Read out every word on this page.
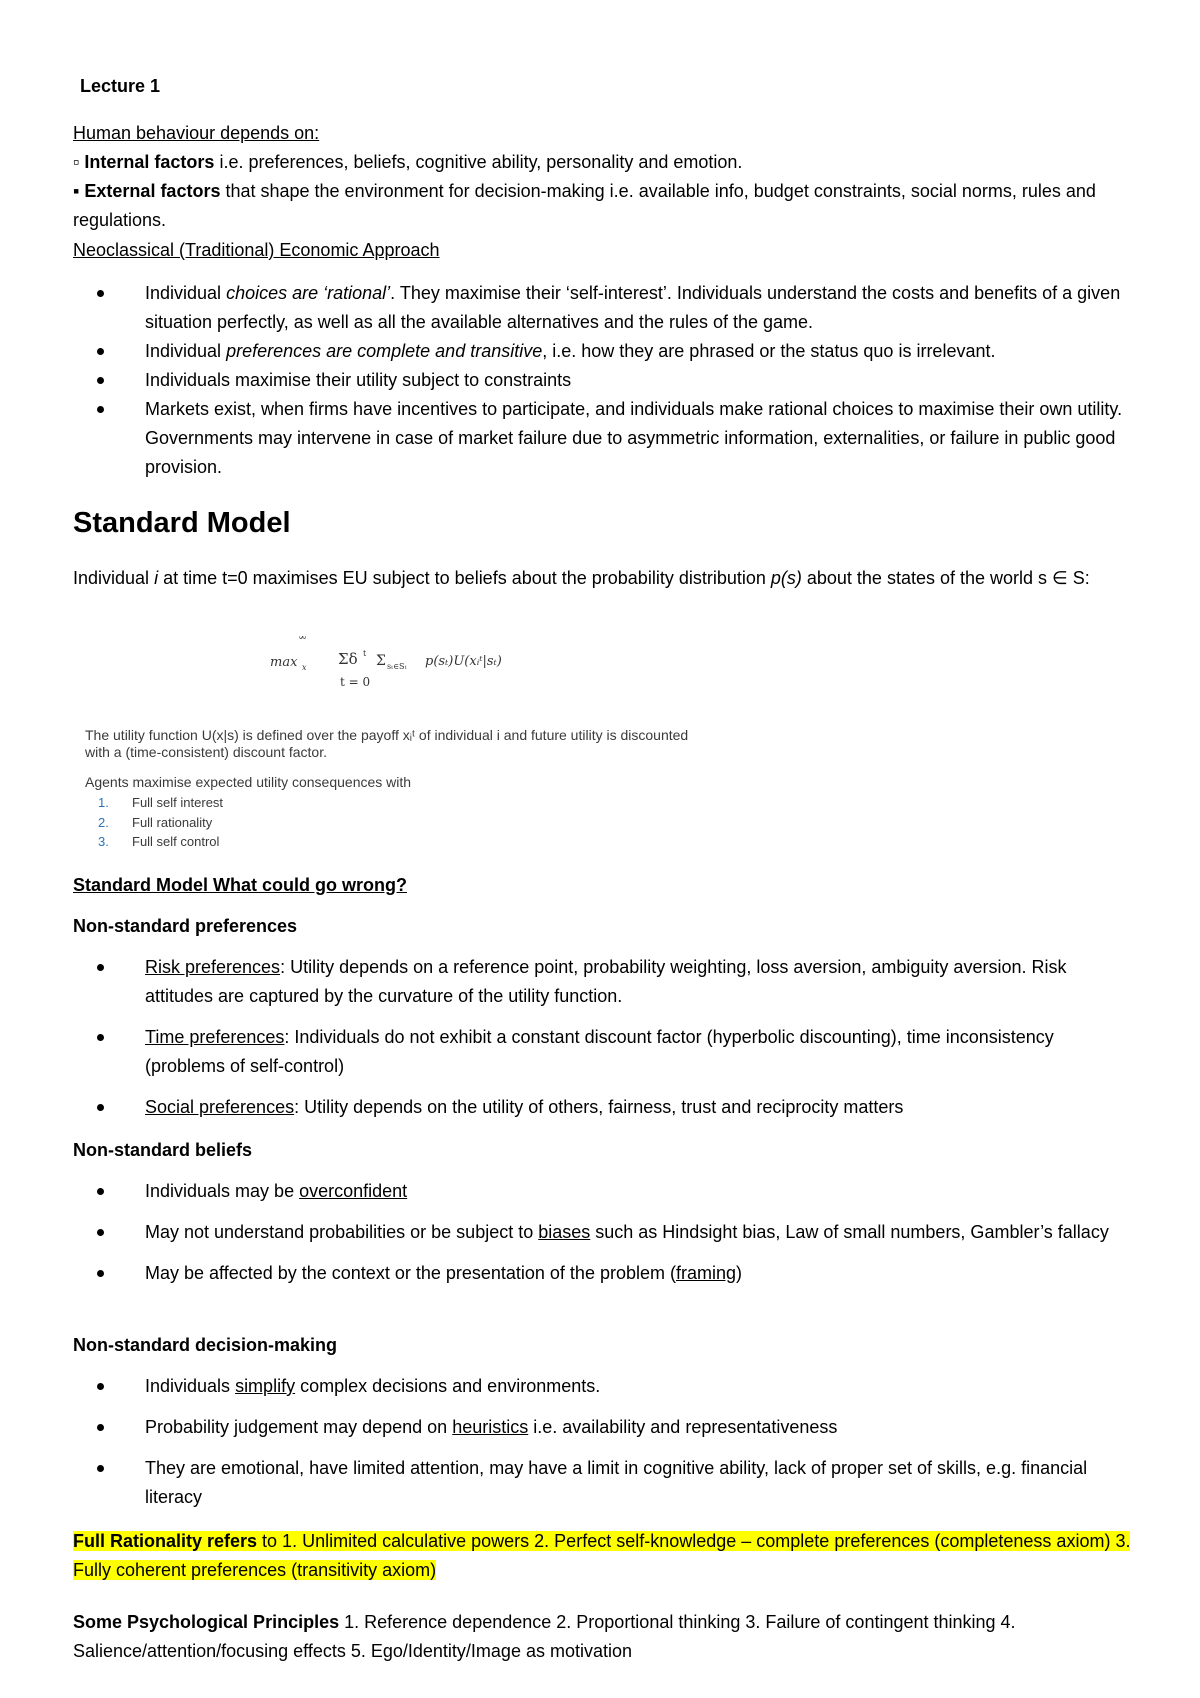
Lecture 1
Human behaviour depends on:
▫ Internal factors i.e. preferences, beliefs, cognitive ability, personality and emotion.
▪ External factors that shape the environment for decision-making i.e. available info, budget constraints, social norms, rules and regulations.
Neoclassical (Traditional) Economic Approach
Individual choices are ‘rational’. They maximise their ‘self-interest’. Individuals understand the costs and benefits of a given situation perfectly, as well as all the available alternatives and the rules of the game.
Individual preferences are complete and transitive, i.e. how they are phrased or the status quo is irrelevant.
Individuals maximise their utility subject to constraints
Markets exist, when firms have incentives to participate, and individuals make rational choices to maximise their own utility. Governments may intervene in case of market failure due to asymmetric information, externalities, or failure in public good provision.
Standard Model
Individual i at time t=0 maximises EU subject to beliefs about the probability distribution p(s) about the states of the world s ∈ S:
∞
max x Σδ t Σ sₜ∈Sₜ p(sₜ)U(xᵢᵗ|sₜ)
t = 0
The utility function U(x|s) is defined over the payoff xᵢᵗ of individual i and future utility is discounted
with a (time-consistent) discount factor.
Agents maximise expected utility consequences with
1. Full self interest
2. Full rationality
3. Full self control
Standard Model What could go wrong?
Non-standard preferences
Risk preferences: Utility depends on a reference point, probability weighting, loss aversion, ambiguity aversion. Risk attitudes are captured by the curvature of the utility function.
Time preferences: Individuals do not exhibit a constant discount factor (hyperbolic discounting), time inconsistency (problems of self-control)
Social preferences: Utility depends on the utility of others, fairness, trust and reciprocity matters
Non-standard beliefs
Individuals may be overconfident
May not understand probabilities or be subject to biases such as Hindsight bias, Law of small numbers, Gambler’s fallacy
May be affected by the context or the presentation of the problem (framing)
Non-standard decision-making
Individuals simplify complex decisions and environments.
Probability judgement may depend on heuristics i.e. availability and representativeness
They are emotional, have limited attention, may have a limit in cognitive ability, lack of proper set of skills, e.g. financial literacy
Full Rationality refers to 1. Unlimited calculative powers 2. Perfect self-knowledge – complete preferences (completeness axiom) 3. Fully coherent preferences (transitivity axiom)
Some Psychological Principles 1. Reference dependence 2. Proportional thinking 3. Failure of contingent thinking 4. Salience/attention/focusing effects 5. Ego/Identity/Image as motivation
